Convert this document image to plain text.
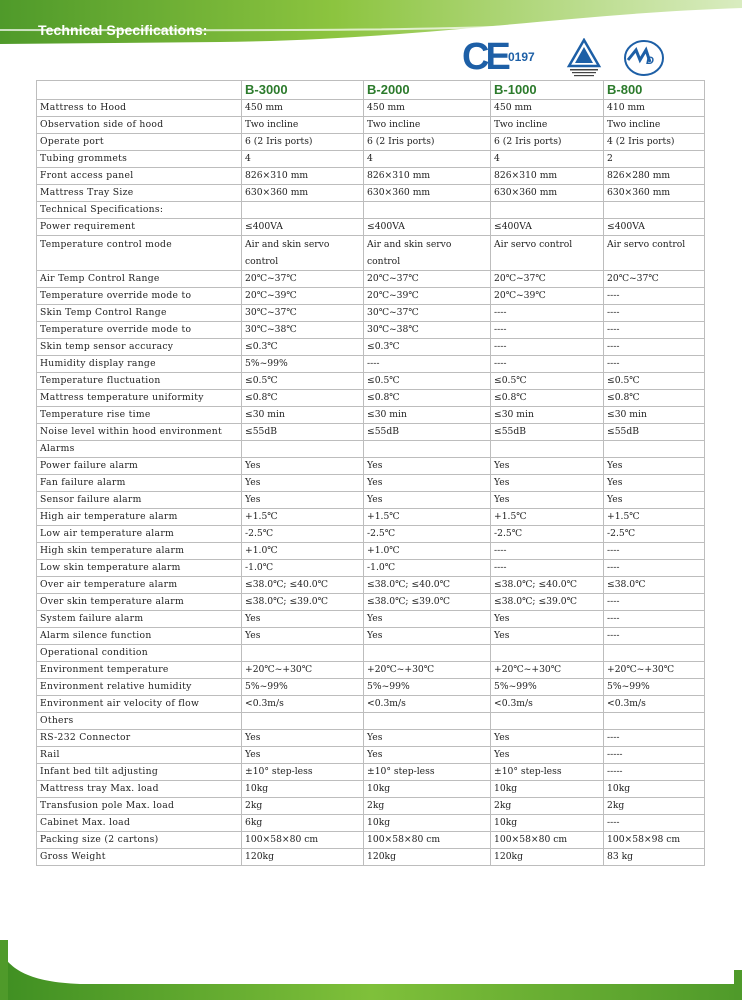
Technical Specifications:
CE 0197	D
	B-3000	B-2000	B-1000	B-800
Mattress to Hood	450 mm	450 mm	450 mm	410 mm
Observation side of hood	Two incline	Two incline	Two incline	Two incline
Operate port	6 (2 Iris ports)	6 (2 Iris ports)	6 (2 Iris ports)	4 (2 Iris ports)
Tubing grommets	4	4	4	2
Front access panel	826×310 mm	826×310 mm	826×310 mm	826×280 mm
Mattress Tray Size	630×360 mm	630×360 mm	630×360 mm	630×360 mm
Technical Specifications:				
Power requirement	≤400VA	≤400VA	≤400VA	≤400VA
Temperature control mode	Air and skin servo control	Air and skin servo control	Air servo control	Air servo control
Air Temp Control Range	20℃~37℃	20℃~37℃	20℃~37℃	20℃~37℃
Temperature override mode to	20℃~39℃	20℃~39℃	20℃~39℃	----
Skin Temp Control Range	30℃~37℃	30℃~37℃	----	----
Temperature override mode to	30℃~38℃	30℃~38℃	----	----
Skin temp sensor accuracy	≤0.3℃	≤0.3℃	----	----
Humidity display range	5%~99%	----	----	----
Temperature fluctuation	≤0.5℃	≤0.5℃	≤0.5℃	≤0.5℃
Mattress temperature uniformity	≤0.8℃	≤0.8℃	≤0.8℃	≤0.8℃
Temperature rise time	≤30 min	≤30 min	≤30 min	≤30 min
Noise level within hood environment	≤55dB	≤55dB	≤55dB	≤55dB
Alarms				
Power failure alarm	Yes	Yes	Yes	Yes
Fan failure alarm	Yes	Yes	Yes	Yes
Sensor failure alarm	Yes	Yes	Yes	Yes
High air temperature alarm	+1.5℃	+1.5℃	+1.5℃	+1.5℃
Low air temperature alarm	-2.5℃	-2.5℃	-2.5℃	-2.5℃
High skin temperature alarm	+1.0℃	+1.0℃	----	----
Low skin temperature alarm	-1.0℃	-1.0℃	----	----
Over air temperature alarm	≤38.0℃; ≤40.0℃	≤38.0℃; ≤40.0℃	≤38.0℃; ≤40.0℃	≤38.0℃
Over skin temperature alarm	≤38.0℃; ≤39.0℃	≤38.0℃; ≤39.0℃	≤38.0℃; ≤39.0℃	----
System failure alarm	Yes	Yes	Yes	----
Alarm silence function	Yes	Yes	Yes	----
Operational condition				
Environment temperature	+20℃~+30℃	+20℃~+30℃	+20℃~+30℃	+20℃~+30℃
Environment relative humidity	5%~99%	5%~99%	5%~99%	5%~99%
Environment air velocity of flow	<0.3m/s	<0.3m/s	<0.3m/s	<0.3m/s
Others				
RS-232 Connector	Yes	Yes	Yes	----
Rail	Yes	Yes	Yes	-----
Infant bed tilt adjusting	±10° step-less	±10° step-less	±10° step-less	-----
Mattress tray Max. load	10kg	10kg	10kg	10kg
Transfusion pole Max. load	2kg	2kg	2kg	2kg
Cabinet Max. load	6kg	10kg	10kg	----
Packing size (2 cartons)	100×58×80 cm	100×58×80 cm	100×58×80 cm	100×58×98 cm
Gross Weight	120kg	120kg	120kg	83 kg
